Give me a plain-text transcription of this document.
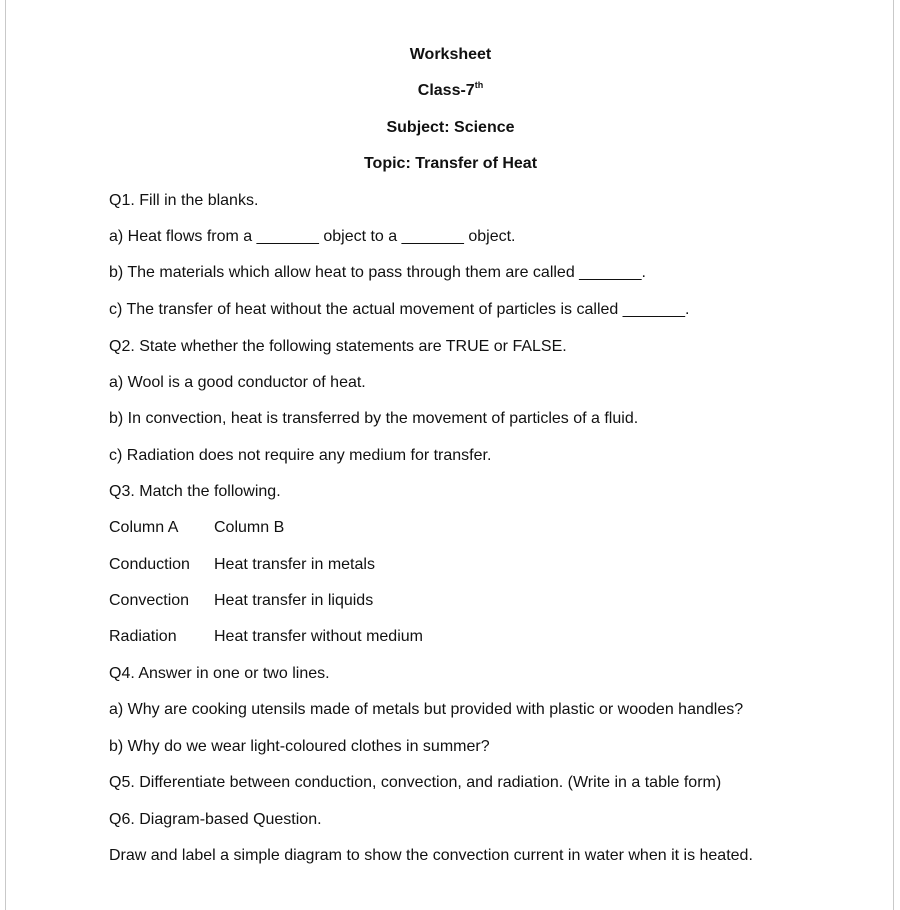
Worksheet
Class-7th
Subject: Science
Topic: Transfer of Heat
Q1. Fill in the blanks.
a) Heat flows from a _______ object to a _______ object.
b) The materials which allow heat to pass through them are called _______.
c) The transfer of heat without the actual movement of particles is called _______.
Q2. State whether the following statements are TRUE or FALSE.
a) Wool is a good conductor of heat.
b) In convection, heat is transferred by the movement of particles of a fluid.
c) Radiation does not require any medium for transfer.
Q3. Match the following.
Column A Column B
Conduction Heat transfer in metals
Convection Heat transfer in liquids
Radiation Heat transfer without medium
Q4. Answer in one or two lines.
a) Why are cooking utensils made of metals but provided with plastic or wooden handles?
b) Why do we wear light-coloured clothes in summer?
Q5. Differentiate between conduction, convection, and radiation. (Write in a table form)
Q6. Diagram-based Question.
Draw and label a simple diagram to show the convection current in water when it is heated.
